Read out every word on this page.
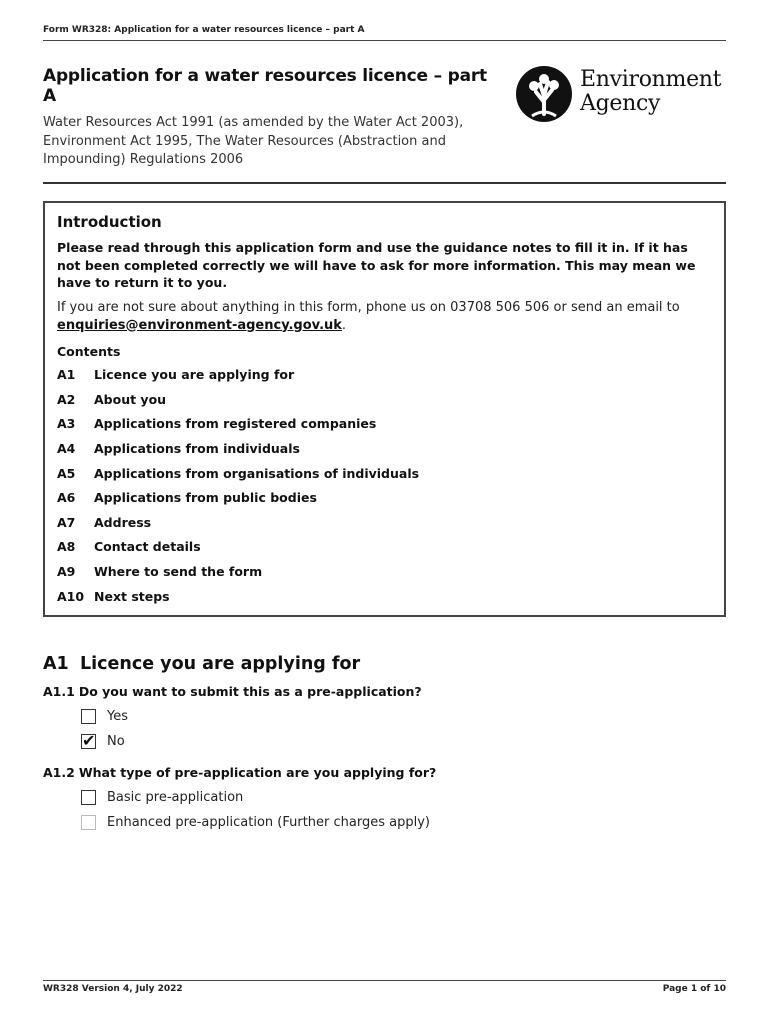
Form WR328: Application for a water resources licence – part A
Application for a water resources licence – part A
Water Resources Act 1991 (as amended by the Water Act 2003), Environment Act 1995, The Water Resources (Abstraction and Impounding) Regulations 2006
Environment
Agency
Introduction
Please read through this application form and use the guidance notes to fill it in. If it has not been completed correctly we will have to ask for more information. This may mean we have to return it to you.
If you are not sure about anything in this form, phone us on 03708 506 506 or send an email to enquiries@environment-agency.gov.uk.
Contents
A1	Licence you are applying for
A2	About you
A3	Applications from registered companies
A4	Applications from individuals
A5	Applications from organisations of individuals
A6	Applications from public bodies
A7	Address
A8	Contact details
A9	Where to send the form
A10 Next steps
A1 Licence you are applying for
A1.1 Do you want to submit this as a pre-application?
Yes
✔
No
A1.2 What type of pre-application are you applying for?
Basic pre-application
Enhanced pre-application (Further charges apply)
WR328 Version 4, July 2022	Page 1 of 10
